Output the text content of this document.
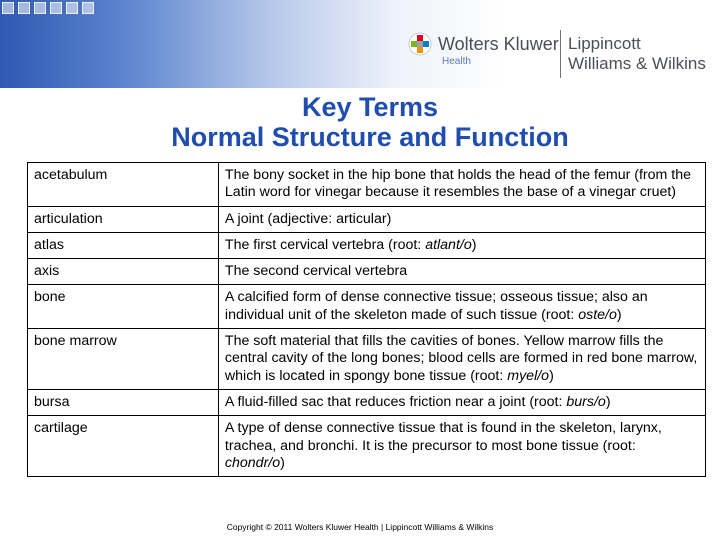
Wolters Kluwer
Health
Lippincott
Williams & Wilkins
Key Terms
Normal Structure and Function
acetabulum	The bony socket in the hip bone that holds the head of the femur (from the Latin word for vinegar because it resembles the base of a vinegar cruet)
articulation	A joint (adjective: articular)
atlas	The first cervical vertebra (root: atlant/o)
axis	The second cervical vertebra
bone	A calcified form of dense connective tissue; osseous tissue; also an individual unit of the skeleton made of such tissue (root: oste/o)
bone marrow	The soft material that fills the cavities of bones. Yellow marrow fills the central cavity of the long bones; blood cells are formed in red bone marrow, which is located in spongy bone tissue (root: myel/o)
bursa	A fluid-filled sac that reduces friction near a joint (root: burs/o)
cartilage	A type of dense connective tissue that is found in the skeleton, larynx, trachea, and bronchi. It is the precursor to most bone tissue (root: chondr/o)
Copyright © 2011 Wolters Kluwer Health | Lippincott Williams & Wilkins
